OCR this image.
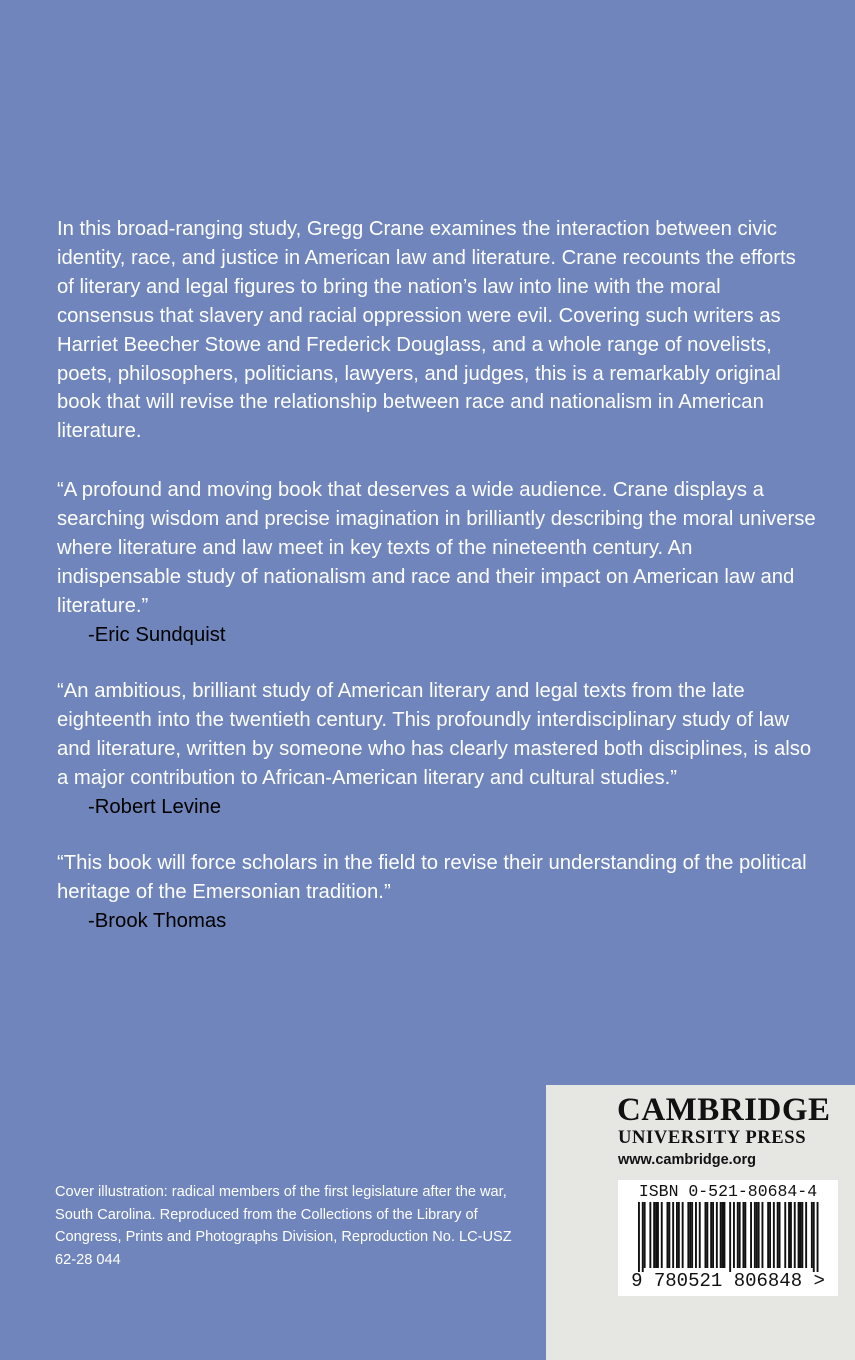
In this broad-ranging study, Gregg Crane examines the interaction between civic identity, race, and justice in American law and literature. Crane recounts the efforts of literary and legal figures to bring the nation’s law into line with the moral consensus that slavery and racial oppression were evil. Covering such writers as Harriet Beecher Stowe and Frederick Douglass, and a whole range of novelists, poets, philosophers, politicians, lawyers, and judges, this is a remarkably original book that will revise the relationship between race and nationalism in American literature.

“A profound and moving book that deserves a wide audience. Crane displays a searching wisdom and precise imagination in brilliantly describing the moral universe where literature and law meet in key texts of the nineteenth century. An indispensable study of nationalism and race and their impact on American law and literature.”

-Eric Sundquist

“An ambitious, brilliant study of American literary and legal texts from the late eighteenth into the twentieth century. This profoundly interdisciplinary study of law and literature, written by someone who has clearly mastered both disciplines, is also a major contribution to African-American literary and cultural studies.”

-Robert Levine

“This book will force scholars in the field to revise their understanding of the political heritage of the Emersonian tradition.”

-Brook Thomas

Cover illustration: radical members of the first legislature after the war, South Carolina. Reproduced from the Collections of the Library of Congress, Prints and Photographs Division, Reproduction No. LC-USZ 62-28 044

CAMBRIDGE
UNIVERSITY PRESS
www.cambridge.org
ISBN 0-521-80684-4
9 780521 806848 >
